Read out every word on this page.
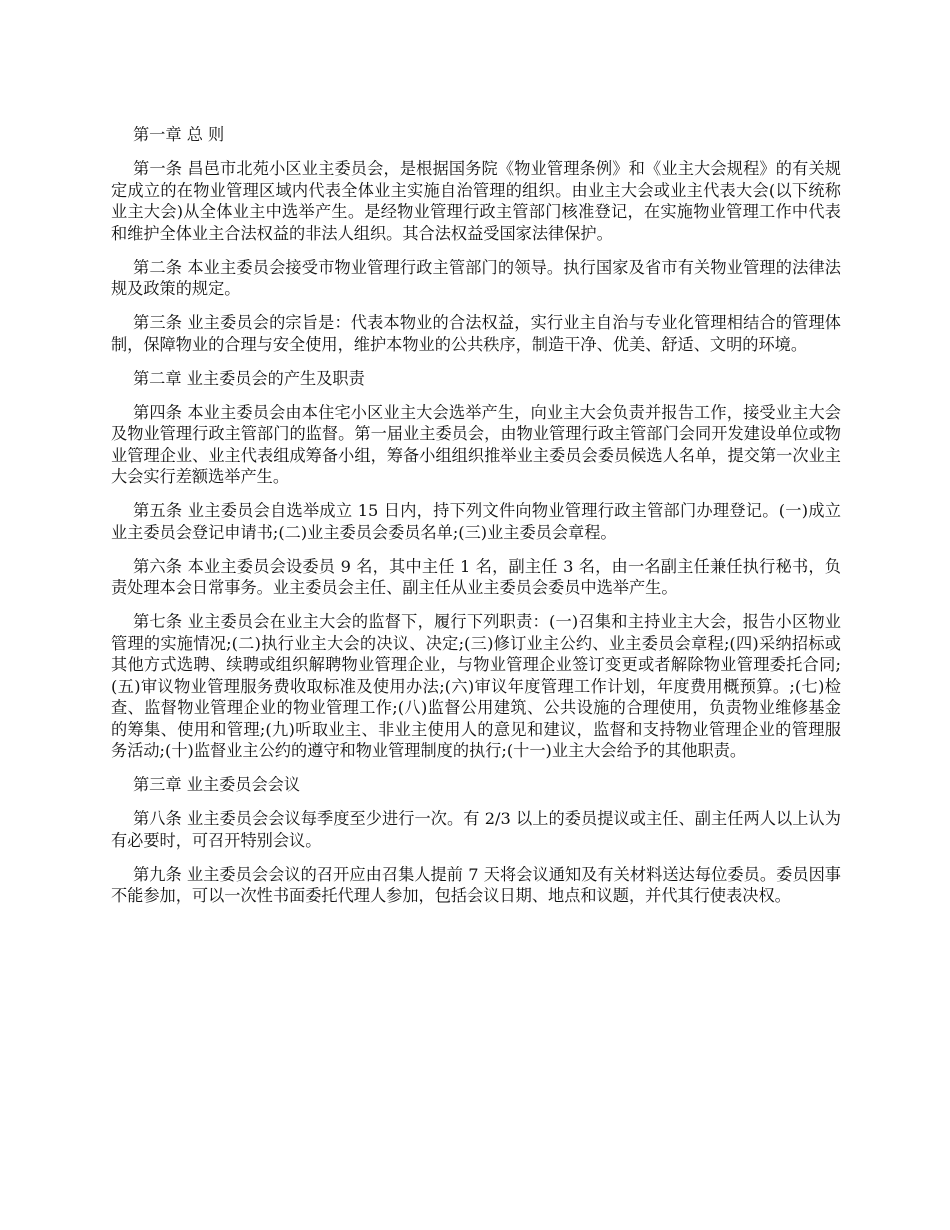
第一章 总 则

第一条 昌邑市北苑小区业主委员会，是根据国务院《物业管理条例》和《业主大会规程》的有关规定成立的在物业管理区域内代表全体业主实施自治管理的组织。由业主大会或业主代表大会(以下统称业主大会)从全体业主中选举产生。是经物业管理行政主管部门核准登记，在实施物业管理工作中代表和维护全体业主合法权益的非法人组织。其合法权益受国家法律保护。

第二条 本业主委员会接受市物业管理行政主管部门的领导。执行国家及省市有关物业管理的法律法规及政策的规定。

第三条 业主委员会的宗旨是：代表本物业的合法权益，实行业主自治与专业化管理相结合的管理体制，保障物业的合理与安全使用，维护本物业的公共秩序，制造干净、优美、舒适、文明的环境。

第二章 业主委员会的产生及职责

第四条 本业主委员会由本住宅小区业主大会选举产生，向业主大会负责并报告工作，接受业主大会及物业管理行政主管部门的监督。第一届业主委员会，由物业管理行政主管部门会同开发建设单位或物业管理企业、业主代表组成筹备小组，筹备小组组织推举业主委员会委员候选人名单，提交第一次业主大会实行差额选举产生。

第五条 业主委员会自选举成立 15 日内，持下列文件向物业管理行政主管部门办理登记。(一)成立业主委员会登记申请书;(二)业主委员会委员名单;(三)业主委员会章程。

第六条 本业主委员会设委员 9 名，其中主任 1 名，副主任 3 名，由一名副主任兼任执行秘书，负责处理本会日常事务。业主委员会主任、副主任从业主委员会委员中选举产生。

第七条 业主委员会在业主大会的监督下，履行下列职责：(一)召集和主持业主大会，报告小区物业管理的实施情况;(二)执行业主大会的决议、决定;(三)修订业主公约、业主委员会章程;(四)采纳招标或其他方式选聘、续聘或组织解聘物业管理企业，与物业管理企业签订变更或者解除物业管理委托合同;(五)审议物业管理服务费收取标准及使用办法;(六)审议年度管理工作计划，年度费用概预算。;(七)检查、监督物业管理企业的物业管理工作;(八)监督公用建筑、公共设施的合理使用，负责物业维修基金的筹集、使用和管理;(九)听取业主、非业主使用人的意见和建议，监督和支持物业管理企业的管理服务活动;(十)监督业主公约的遵守和物业管理制度的执行;(十一)业主大会给予的其他职责。

第三章 业主委员会会议

第八条 业主委员会会议每季度至少进行一次。有 2/3 以上的委员提议或主任、副主任两人以上认为有必要时，可召开特别会议。

第九条 业主委员会会议的召开应由召集人提前 7 天将会议通知及有关材料送达每位委员。委员因事不能参加，可以一次性书面委托代理人参加，包括会议日期、地点和议题，并代其行使表决权。
